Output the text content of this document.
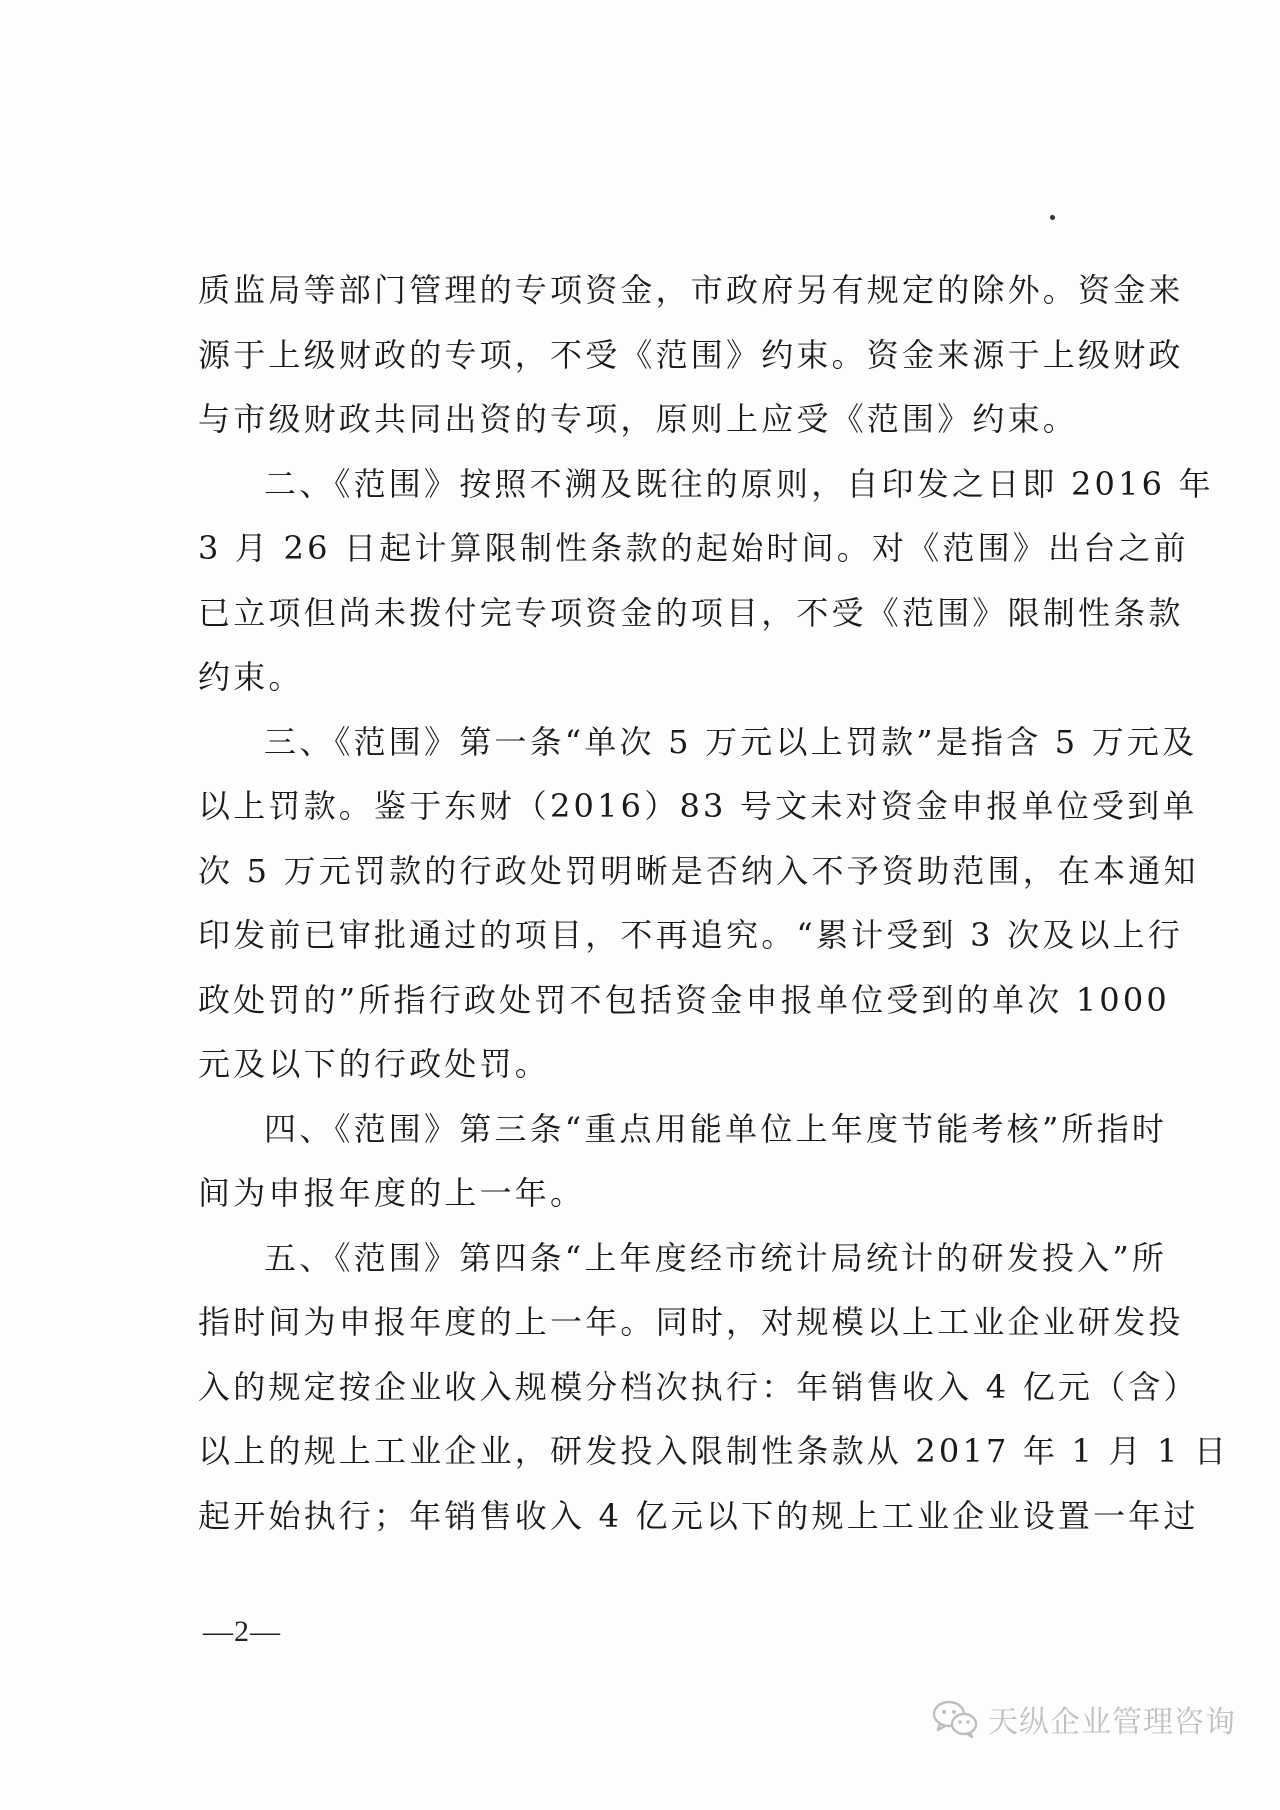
质监局等部门管理的专项资金，市政府另有规定的除外。资金来
源于上级财政的专项，不受《范围》约束。资金来源于上级财政
与市级财政共同出资的专项，原则上应受《范围》约束。
二、《范围》按照不溯及既往的原则，自印发之日即 2016 年
3 月 26 日起计算限制性条款的起始时间。对《范围》出台之前
已立项但尚未拨付完专项资金的项目，不受《范围》限制性条款
约束。
三、《范围》第一条“单次 5 万元以上罚款”是指含 5 万元及
以上罚款。鉴于东财（2016）83 号文未对资金申报单位受到单
次 5 万元罚款的行政处罚明晰是否纳入不予资助范围，在本通知
印发前已审批通过的项目，不再追究。“累计受到 3 次及以上行
政处罚的”所指行政处罚不包括资金申报单位受到的单次 1000
元及以下的行政处罚。
四、《范围》第三条“重点用能单位上年度节能考核”所指时
间为申报年度的上一年。
五、《范围》第四条“上年度经市统计局统计的研发投入”所
指时间为申报年度的上一年。同时，对规模以上工业企业研发投
入的规定按企业收入规模分档次执行：年销售收入 4 亿元（含）
以上的规上工业企业，研发投入限制性条款从 2017 年 1 月 1 日
起开始执行；年销售收入 4 亿元以下的规上工业企业设置一年过
—2—
天纵企业管理咨询
